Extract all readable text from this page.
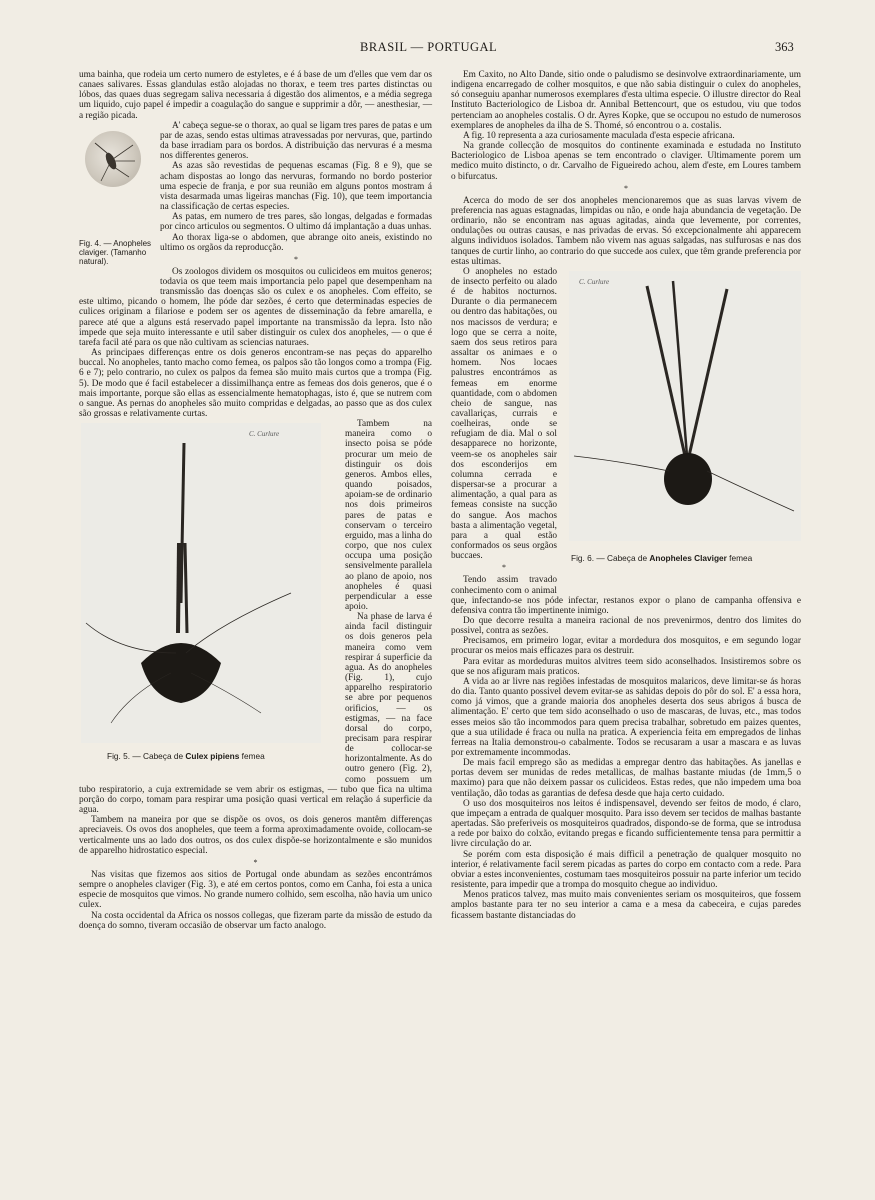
BRASIL — PORTUGAL	363

uma bainha, que rodeia um certo numero de estyletes, e é á base de um d'elles que vem dar os canaes salivares. Essas glandulas estão alojadas no thorax, e teem tres partes distinctas ou lóbos, das quaes duas segregam saliva necessaria á digestão dos alimentos, e a média segrega um liquido, cujo papel é impedir a coagulação do sangue e supprimir a dôr, — anesthesiar, — a região picada.

Fig. 4. — Anopheles claviger. (Tamanho natural).

A' cabeça segue-se o thorax, ao qual se ligam tres pares de patas e um par de azas, sendo estas ultimas atravessadas por nervuras, que, partindo da base irradiam para os bordos. A distribuição das nervuras é a mesma nos differentes generos.

As azas são revestidas de pequenas escamas (Fig. 8 e 9), que se acham dispostas ao longo das nervuras, formando no bordo posterior uma especie de franja, e por sua reunião em alguns pontos mostram á vista desarmada umas ligeiras manchas (Fig. 10), que teem importancia na classificação de certas especies.

As patas, em numero de tres pares, são longas, delgadas e formadas por cinco articulos ou segmentos. O ultimo dá implantação a duas unhas.

Ao thorax liga-se o abdomen, que abrange oito aneis, existindo no ultimo os orgãos da reproducção.

*

Os zoologos dividem os mosquitos ou culicideos em muitos generos; todavia os que teem mais importancia pelo papel que desempenham na transmissão das doenças são os culex e os anopheles. Com effeito, se este ultimo, picando o homem, lhe póde dar sezões, é certo que determinadas especies de culices originam a filariose e podem ser os agentes de disseminação da febre amarella, e parece até que a alguns está reservado papel importante na transmissão da lepra. Isto não impede que seja muito interessante e util saber distinguir os culex dos anopheles, — o que é tarefa facil até para os que não cultivam as sciencias naturaes.

As principaes differenças entre os dois generos encontram-se nas peças do apparelho buccal. No anopheles, tanto macho como femea, os palpos são tão longos como a trompa (Fig. 6 e 7); pelo contrario, no culex os palpos da femea são muito mais curtos que a trompa (Fig. 5). De modo que é facil estabelecer a dissimilhança entre as femeas dos dois generos, que é o mais importante, porque são ellas as essencialmente hematophagas, isto é, que se nutrem com o sangue. As pernas do anopheles são muito compridas e delgadas, ao passo que as dos culex são grossas e relativamente curtas.

C. Curlure
Fig. 5. — Cabeça de Culex pipiens femea

Tambem na maneira como o insecto poisa se póde procurar um meio de distinguir os dois generos. Ambos elles, quando poisados, apoiam-se de ordinario nos dois primeiros pares de patas e conservam o terceiro erguido, mas a linha do corpo, que nos culex occupa uma posição sensivelmente parallela ao plano de apoio, nos anopheles é quasi perpendicular a esse apoio.

Na phase de larva é ainda facil distinguir os dois generos pela maneira como vem respirar á superficie da agua. As do anopheles (Fig. 1), cujo apparelho respiratorio se abre por pequenos orificios, — os estigmas, — na face dorsal do corpo, precisam para respirar de collocar-se horizontalmente. As do outro genero (Fig. 2), como possuem um tubo respiratorio, a cuja extremidade se vem abrir os estigmas, — tubo que fica na ultima porção do corpo, tomam para respirar uma posição quasi vertical em relação á superficie da agua.

Tambem na maneira por que se dispõe os ovos, os dois generos mantêm differenças apreciaveis. Os ovos dos anopheles, que teem a forma aproximadamente ovoide, collocam-se verticalmente uns ao lado dos outros, os dos culex dispõe-se horizontalmente e são munidos de apparelho hidrostatico especial.

*

Nas visitas que fizemos aos sitios de Portugal onde abundam as sezões encontrámos sempre o anopheles claviger (Fig. 3), e até em certos pontos, como em Canha, foi esta a unica especie de mosquitos que vimos. No grande numero colhido, sem escolha, não havia um unico culex.

Na costa occidental da Africa os nossos collegas, que fizeram parte da missão de estudo da doença do somno, tiveram occasião de observar um facto analogo.

Em Caxito, no Alto Dande, sitio onde o paludismo se desinvolve extraordinariamente, um indigena encarregado de colher mosquitos, e que não sabia distinguir o culex do anopheles, só conseguiu apanhar numerosos exemplares d'esta ultima especie. O illustre director do Real Instituto Bacteriologico de Lisboa dr. Annibal Bettencourt, que os estudou, viu que todos pertenciam ao anopheles costalis. O dr. Ayres Kopke, que se occupou no estudo de numerosos exemplares de anopheles da ilha de S. Thomé, só encontrou o a. costalis.

A fig. 10 representa a aza curiosamente maculada d'esta especie africana.

Na grande collecção de mosquitos do continente examinada e estudada no Instituto Bacteriologico de Lisboa apenas se tem encontrado o claviger. Ultimamente porem um medico muito distincto, o dr. Carvalho de Figueiredo achou, alem d'este, em Loures tambem o bifurcatus.

*

Acerca do modo de ser dos anopheles mencionaremos que as suas larvas vivem de preferencia nas aguas estagnadas, limpidas ou não, e onde haja abundancia de vegetação. De ordinario, não se encontram nas aguas agitadas, ainda que levemente, por correntes, ondulações ou outras causas, e nas privadas de ervas. Só excepcionalmente ahi apparecem alguns individuos isolados. Tambem não vivem nas aguas salgadas, nas sulfurosas e nas dos tanques de curtir linho, ao contrario do que succede aos culex, que têm grande preferencia por estas ultimas.

C. Curlure
Fig. 6. — Cabeça de Anopheles Claviger femea

O anopheles no estado de insecto perfeito ou alado é de habitos nocturnos. Durante o dia permanecem ou dentro das habitações, ou nos macissos de verdura; e logo que se cerra a noite, saem dos seus retiros para assaltar os animaes e o homem. Nos locaes palustres encontrámos as femeas em enorme quantidade, com o abdomen cheio de sangue, nas cavallariças, currais e coelheiras, onde se refugiam de dia. Mal o sol desapparece no horizonte, veem-se os anopheles sair dos esconderijos em columna cerrada e dispersar-se a procurar a alimentação, a qual para as femeas consiste na sucção do sangue. Aos machos basta a alimentação vegetal, para a qual estão conformados os seus orgãos buccaes.

*

Tendo assim travado conhecimento com o animal que, infectando-se nos póde infectar, restanos expor o plano de campanha offensiva e defensiva contra tão impertinente inimigo.

Do que decorre resulta a maneira racional de nos prevenirmos, dentro dos limites do possivel, contra as sezões.

Precisamos, em primeiro logar, evitar a mordedura dos mosquitos, e em segundo logar procurar os meios mais efficazes para os destruir.

Para evitar as mordeduras muitos alvitres teem sido aconselhados. Insistiremos sobre os que se nos afiguram mais praticos.

A vida ao ar livre nas regiões infestadas de mosquitos malaricos, deve limitar-se ás horas do dia. Tanto quanto possivel devem evitar-se as sahidas depois do pôr do sol. E' a essa hora, como já vimos, que a grande maioria dos anopheles deserta dos seus abrigos á busca de alimentação. E' certo que tem sido aconselhado o uso de mascaras, de luvas, etc., mas todos esses meios são tão incommodos para quem precisa trabalhar, sobretudo em paizes quentes, que a sua utilidade é fraca ou nulla na pratica. A experiencia feita em empregados de linhas ferreas na Italia demonstrou-o cabalmente. Todos se recusaram a usar a mascara e as luvas por extremamente incommodas.

De mais facil emprego são as medidas a empregar dentro das habitações. As janellas e portas devem ser munidas de redes metallicas, de malhas bastante miudas (de 1mm,5 o maximo) para que não deixem passar os culicideos. Estas redes, que não impedem uma boa ventilação, dão todas as garantias de defesa desde que haja certo cuidado.

O uso dos mosquiteiros nos leitos é indispensavel, devendo ser feitos de modo, é claro, que impeçam a entrada de qualquer mosquito. Para isso devem ser tecidos de malhas bastante apertadas. São preferiveis os mosquiteiros quadrados, dispondo-se de forma, que se introdusa a rede por baixo do colxão, evitando pregas e ficando sufficientemente tensa para permittir a livre circulação do ar.

Se porém com esta disposição é mais difficil a penetração de qualquer mosquito no interior, é relativamente facil serem picadas as partes do corpo em contacto com a rede. Para obviar a estes inconvenientes, costumam taes mosquiteiros possuir na parte inferior um tecido resistente, para impedir que a trompa do mosquito chegue ao individuo.

Menos praticos talvez, mas muito mais convenientes seriam os mosquiteiros, que fossem amplos bastante para ter no seu interior a cama e a mesa da cabeceira, e cujas paredes ficassem bastante distanciadas do
